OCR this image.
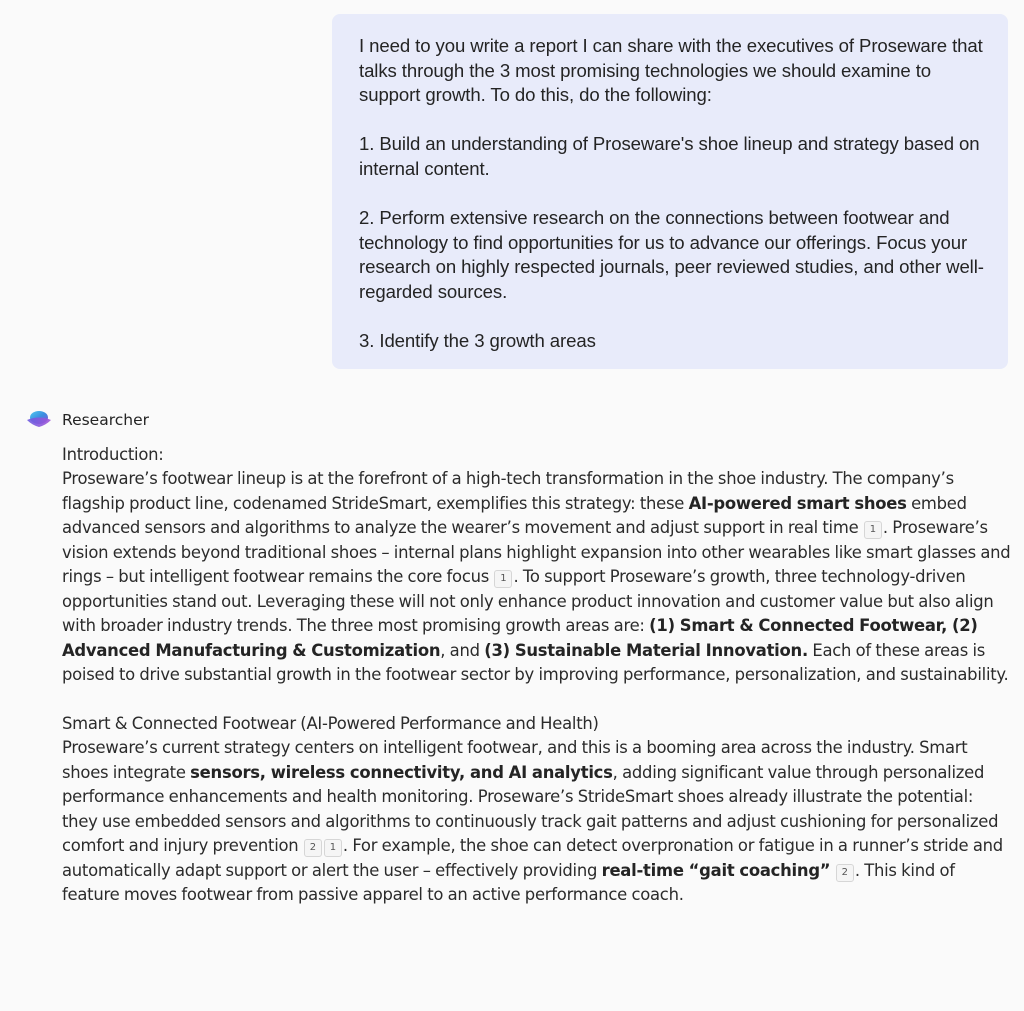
I need to you write a report I can share with the executives of Proseware that talks through the 3 most promising technologies we should examine to support growth. To do this, do the following:

1. Build an understanding of Proseware's shoe lineup and strategy based on internal content.

2. Perform extensive research on the connections between footwear and technology to find opportunities for us to advance our offerings. Focus your research on highly respected journals, peer reviewed studies, and other well-regarded sources.

3. Identify the 3 growth areas

Researcher

Introduction:

Proseware’s footwear lineup is at the forefront of a high-tech transformation in the shoe industry. The company’s flagship product line, codenamed StrideSmart, exemplifies this strategy: these AI-powered smart shoes embed advanced sensors and algorithms to analyze the wearer’s movement and adjust support in real time 1 . Proseware’s vision extends beyond traditional shoes – internal plans highlight expansion into other wearables like smart glasses and rings – but intelligent footwear remains the core focus 1 . To support Proseware’s growth, three technology-driven opportunities stand out. Leveraging these will not only enhance product innovation and customer value but also align with broader industry trends. The three most promising growth areas are: (1) Smart & Connected Footwear, (2) Advanced Manufacturing & Customization, and (3) Sustainable Material Innovation. Each of these areas is poised to drive substantial growth in the footwear sector by improving performance, personalization, and sustainability.

Smart & Connected Footwear (AI-Powered Performance and Health)

Proseware’s current strategy centers on intelligent footwear, and this is a booming area across the industry. Smart shoes integrate sensors, wireless connectivity, and AI analytics, adding significant value through personalized performance enhancements and health monitoring. Proseware’s StrideSmart shoes already illustrate the potential: they use embedded sensors and algorithms to continuously track gait patterns and adjust cushioning for personalized comfort and injury prevention 2 1 . For example, the shoe can detect overpronation or fatigue in a runner’s stride and automatically adapt support or alert the user – effectively providing real-time “gait coaching” 2 . This kind of feature moves footwear from passive apparel to an active performance coach.
